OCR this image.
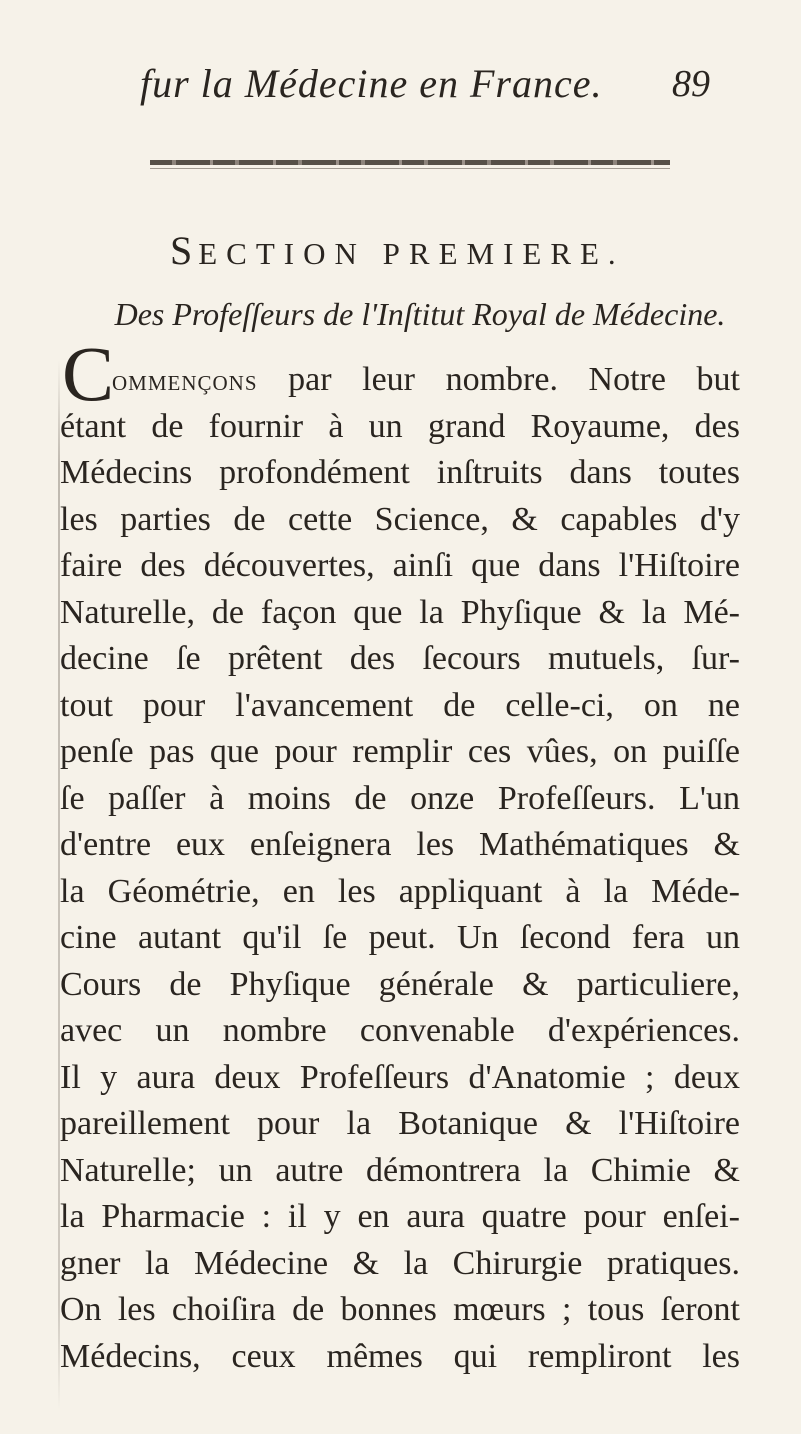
fur la Médecine en France. 89
SECTION PREMIERE.
Des Profeſſeurs de l'Inſtitut Royal de Médecine.
C
ommençons par leur nombre. Notre but
étant de fournir à un grand Royaume, des
Médecins profondément inſtruits dans toutes
les parties de cette Science, & capables d'y
faire des découvertes, ainſi que dans l'Hiſtoire
Naturelle, de façon que la Phyſique & la Mé-
decine ſe prêtent des ſecours mutuels, ſur-
tout pour l'avancement de celle-ci, on ne
penſe pas que pour remplir ces vûes, on puiſſe
ſe paſſer à moins de onze Profeſſeurs. L'un
d'entre eux enſeignera les Mathématiques &
la Géométrie, en les appliquant à la Méde-
cine autant qu'il ſe peut. Un ſecond fera un
Cours de Phyſique générale & particuliere,
avec un nombre convenable d'expériences.
Il y aura deux Profeſſeurs d'Anatomie ; deux
pareillement pour la Botanique & l'Hiſtoire
Naturelle; un autre démontrera la Chimie &
la Pharmacie : il y en aura quatre pour enſei-
gner la Médecine & la Chirurgie pratiques.
On les choiſira de bonnes mœurs ; tous ſeront
Médecins, ceux mêmes qui rempliront les
